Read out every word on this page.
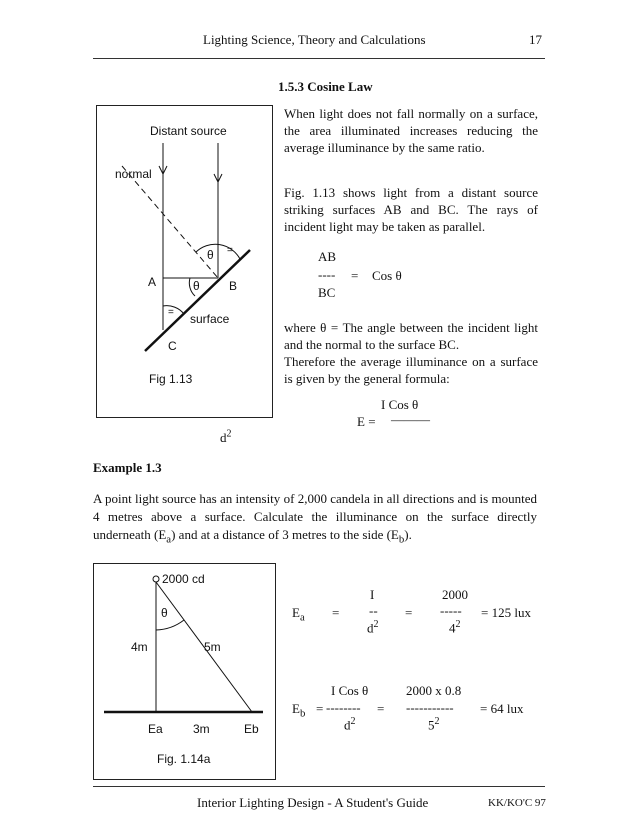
Lighting Science, Theory and Calculations	17
1.5.3 Cosine Law

When light does not fall normally on a surface, the area illuminated increases reducing the average illuminance by the same ratio.

Fig. 1.13 shows light from a distant source striking surfaces AB and BC. The rays of incident light may be taken as parallel.

AB
---- = Cos θ
BC

where θ = The angle between the incident light and the normal to the surface BC.

Therefore the average illuminance on a surface is given by the general formula:

I Cos θ
E = ———
$d^2$
Distant source
normal
θ =
A	θ B
= surface
C
Fig 1.13
Example 1.3

A point light source has an intensity of 2,000 candela in all directions and is mounted 4 metres above a surface. Calculate the illuminance on the surface directly underneath $(E_a)$ and at a distance of 3 metres to the side $(E_b)$.

2000 cd
θ
4m	5m
Ea	3m	Eb
Fig. 1.14a
$E_a$ =
I
--
$d^2$
=
2000
-----
$4^2$
= 125 lux
$E_b$ =
I Cos θ
-------- =
$d^2$
2000 x 0.8
-----------
$5^2$
= 64 lux
Interior Lighting Design - A Student's Guide	KK/KO'C 97
